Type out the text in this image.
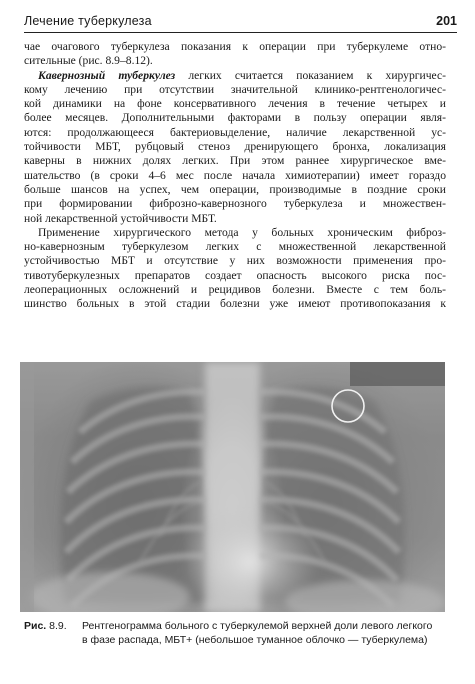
Лечение туберкулеза	201
чае очагового туберкулеза показания к операции при туберкулеме отно-
сительные (рис. 8.9–8.12).
Кавернозный туберкулез легких считается показанием к хирургичес-
кому лечению при отсутствии значительной клинико-рентгенологичес-
кой динамики на фоне консервативного лечения в течение четырех и
более месяцев. Дополнительными факторами в пользу операции явля-
ются: продолжающееся бактериовыделение, наличие лекарственной ус-
тойчивости МБТ, рубцовый стеноз дренирующего бронха, локализация
каверны в нижних долях легких. При этом раннее хирургическое вме-
шательство (в сроки 4–6 мес после начала химиотерапии) имеет гораздо
больше шансов на успех, чем операции, производимые в поздние сроки
при формировании фиброзно-кавернозного туберкулеза и множествен-
ной лекарственной устойчивости МБТ.
Применение хирургического метода у больных хроническим фиброз-
но-кавернозным туберкулезом легких с множественной лекарственной
устойчивостью МБТ и отсутствие у них возможности применения про-
тивотуберкулезных препаратов создает опасность высокого риска пос-
леоперационных осложнений и рецидивов болезни. Вместе с тем боль-
шинство больных в этой стадии болезни уже имеют противопоказания к
Рис. 8.9.	Рентгенограмма больного с туберкулемой верхней доли левого легкого
в фазе распада, МБТ+ (небольшое туманное облочко — туберкулема)
